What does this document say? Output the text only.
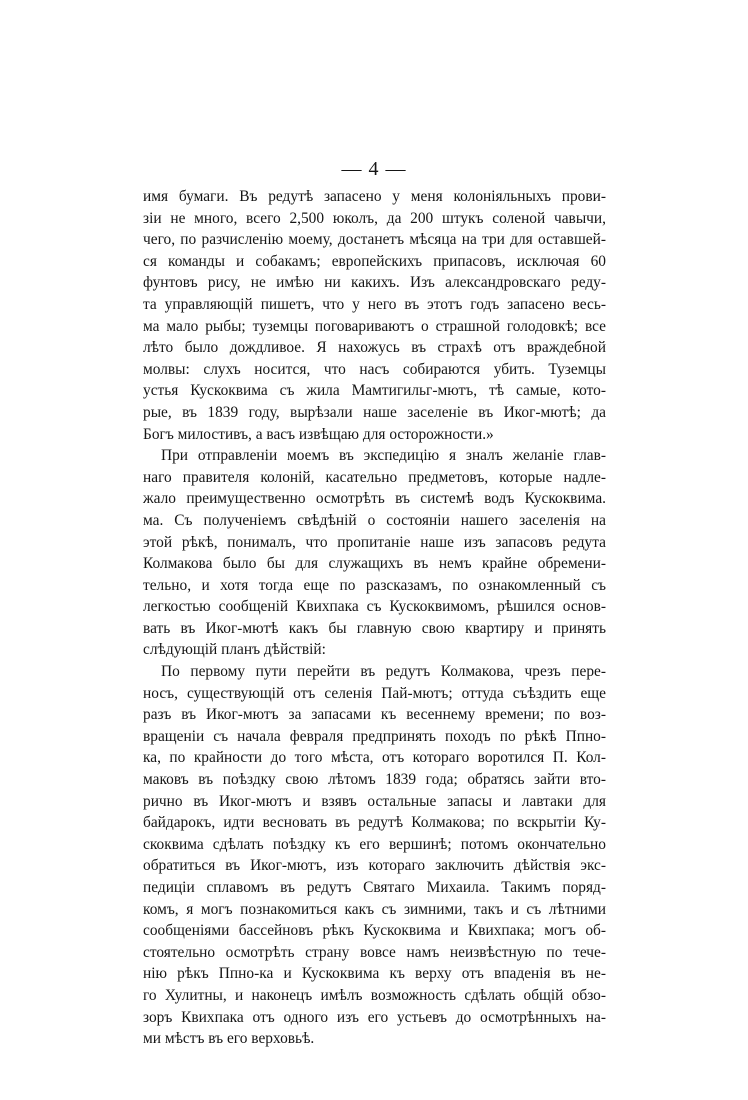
— 4 —
имя бумаги. Въ редутѣ запасено у меня колоніяльныхъ прови-
зіи не много, всего 2,500 юколъ, да 200 штукъ соленой чавычи,
чего, по разчисленію моему, достанетъ мѣсяца на три для оставшей-
ся команды и собакамъ; европейскихъ припасовъ, исключая 60
фунтовъ рису, не имѣю ни какихъ. Изъ александровскаго реду-
та управляющій пишетъ, что у него въ этотъ годъ запасено весь-
ма мало рыбы; туземцы поговариваютъ о страшной голодовкѣ; все
лѣто было дождливое. Я нахожусь въ страхѣ отъ враждебной
молвы: слухъ носится, что насъ собираются убить. Туземцы
устья Кускоквима съ жила Мамтигильг-мютъ, тѣ самые, кото-
рые, въ 1839 году, вырѣзали наше заселеніе въ Иког-мютѣ; да
Богъ милостивъ, а васъ извѣщаю для осторожности.»
При отправленіи моемъ въ экспедицію я зналъ желаніе глав-
наго правителя колоній, касательно предметовъ, которые надле-
жало преимущественно осмотрѣть въ системѣ водъ Кускоквима.
ма. Съ полученіемъ свѣдѣній о состояніи нашего заселенія на
этой рѣкѣ, понималъ, что пропитаніе наше изъ запасовъ редута
Колмакова было бы для служащихъ въ немъ крайне обремени-
тельно, и хотя тогда еще по разсказамъ, по ознакомленный съ
легкостью сообщеній Квихпака съ Кускоквимомъ, рѣшился основ-
вать въ Иког-мютѣ какъ бы главную свою квартиру и принять
слѣдующій планъ дѣйствій:
По первому пути перейти въ редутъ Колмакова, чрезъ пере-
носъ, существующій отъ селенія Пай-мютъ; оттуда съѣздить еще
разъ въ Иког-мютъ за запасами къ весеннему времени; по воз-
вращеніи съ начала февраля предпринять походъ по рѣкѣ Ппно-
ка, по крайности до того мѣста, отъ котораго воротился П. Кол-
маковъ въ поѣздку свою лѣтомъ 1839 года; обратясь зайти вто-
рично въ Иког-мютъ и взявъ остальные запасы и лавтаки для
байдарокъ, идти весновать въ редутѣ Колмакова; по вскрытіи Ку-
скоквима сдѣлать поѣздку къ его вершинѣ; потомъ окончательно
обратиться въ Иког-мютъ, изъ котораго заключить дѣйствія экс-
педиціи сплавомъ въ редутъ Святаго Михаила. Такимъ поряд-
комъ, я могъ познакомиться какъ съ зимними, такъ и съ лѣтними
сообщеніями бассейновъ рѣкъ Кускоквима и Квихпака; могъ об-
стоятельно осмотрѣть страну вовсе намъ неизвѣстную по тече-
нію рѣкъ Ппно-ка и Кускоквима къ верху отъ впаденія въ не-
го Хулитны, и наконецъ имѣлъ возможность сдѣлать общій обзо-
зоръ Квихпака отъ одного изъ его устьевъ до осмотрѣнныхъ на-
ми мѣстъ въ его верховьѣ.
